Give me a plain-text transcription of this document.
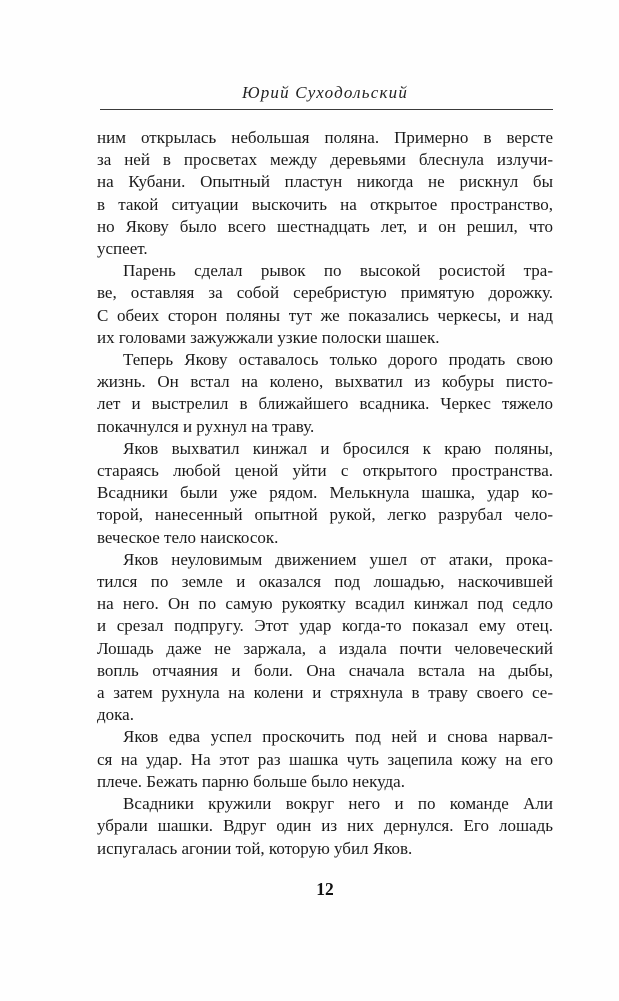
Юрий Суходольский

ним открылась небольшая поляна. Примерно в версте
за ней в просветах между деревьями блеснула излучи-
на Кубани. Опытный пластун никогда не рискнул бы
в такой ситуации выскочить на открытое пространство,
но Якову было всего шестнадцать лет, и он решил, что
успеет.

Парень сделал рывок по высокой росистой тра-
ве, оставляя за собой серебристую примятую дорожку.
С обеих сторон поляны тут же показались черкесы, и над
их головами зажужжали узкие полоски шашек.

Теперь Якову оставалось только дорого продать свою
жизнь. Он встал на колено, выхватил из кобуры писто-
лет и выстрелил в ближайшего всадника. Черкес тяжело
покачнулся и рухнул на траву.

Яков выхватил кинжал и бросился к краю поляны,
стараясь любой ценой уйти с открытого пространства.
Всадники были уже рядом. Мелькнула шашка, удар ко-
торой, нанесенный опытной рукой, легко разрубал чело-
веческое тело наискосок.

Яков неуловимым движением ушел от атаки, прока-
тился по земле и оказался под лошадью, наскочившей
на него. Он по самую рукоятку всадил кинжал под седло
и срезал подпругу. Этот удар когда-то показал ему отец.
Лошадь даже не заржала, а издала почти человеческий
вопль отчаяния и боли. Она сначала встала на дыбы,
а затем рухнула на колени и стряхнула в траву своего се-
дока.

Яков едва успел проскочить под ней и снова нарвал-
ся на удар. На этот раз шашка чуть зацепила кожу на его
плече. Бежать парню больше было некуда.

Всадники кружили вокруг него и по команде Али
убрали шашки. Вдруг один из них дернулся. Его лошадь
испугалась агонии той, которую убил Яков.

12
